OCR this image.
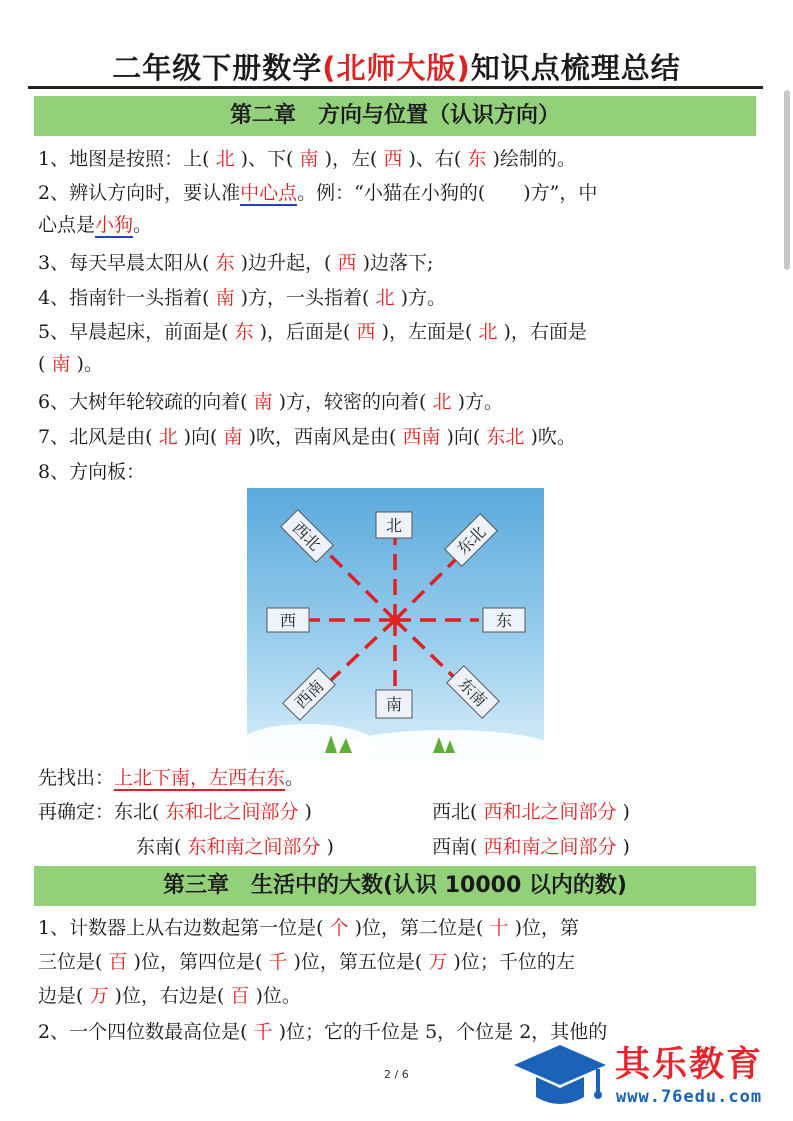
二年级下册数学(北师大版)知识点梳理总结
第二章　方向与位置（认识方向）
1、地图是按照：上( 北 )、下( 南 )，左( 西 )、右( 东 )绘制的。
2、辨认方向时，要认准中心点。例：“小猫在小狗的(　　)方”，中
心点是小狗。
3、每天早晨太阳从( 东 )边升起，( 西 )边落下;
4、指南针一头指着( 南 )方，一头指着( 北 )方。
5、早晨起床，前面是( 东 )，后面是( 西 )，左面是( 北 )，右面是
( 南 )。
6、大树年轮较疏的向着( 南 )方，较密的向着( 北 )方。
7、北风是由( 北 )向( 南 )吹，西南风是由( 西南 )向( 东北 )吹。
8、方向板：
北
南
西	东
西北	东北
西南	东南
先找出：上北下南，左西右东。
再确定：东北( 东和北之间部分 )	西北( 西和北之间部分 )
东南( 东和南之间部分 )	西南( 西和南之间部分 )
第三章　生活中的大数(认识 10000 以内的数)
1、计数器上从右边数起第一位是( 个 )位，第二位是( 十 )位，第
三位是( 百 )位，第四位是( 千 )位，第五位是( 万 )位；千位的左
边是( 万 )位，右边是( 百 )位。
2、一个四位数最高位是( 千 )位；它的千位是 5，个位是 2，其他的
2 / 6	其乐教育
www.76edu.com
